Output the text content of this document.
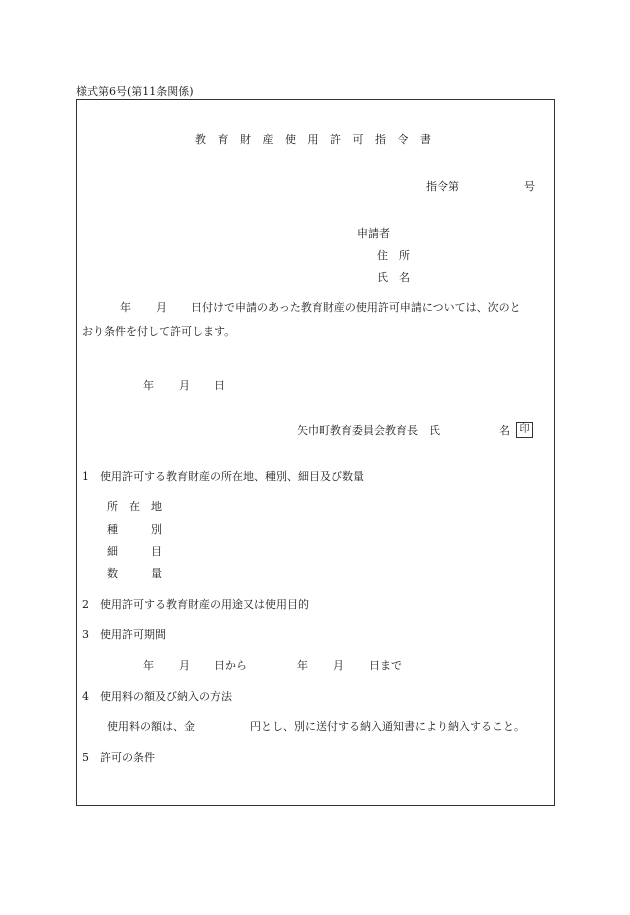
様式第6号(第11条関係)
教 育 財 産 使 用 許 可 指 令 書
指令第	号
申請者
住　所
氏　名
年 月 日付けで申請のあった教育財産の使用許可申請については、次のと
おり条件を付して許可します。
年 月 日
矢巾町教育委員会教育長　氏	名 印
1　使用許可する教育財産の所在地、種別、細目及び数量
所　在　地
種　　　別
細　　　目
数　　　量
2　使用許可する教育財産の用途又は使用目的
3　使用許可期間
年 月 日から	年 月 日まで
4　使用料の額及び納入の方法
使用料の額は、金	円とし、別に送付する納入通知書により納入すること。
5　許可の条件
